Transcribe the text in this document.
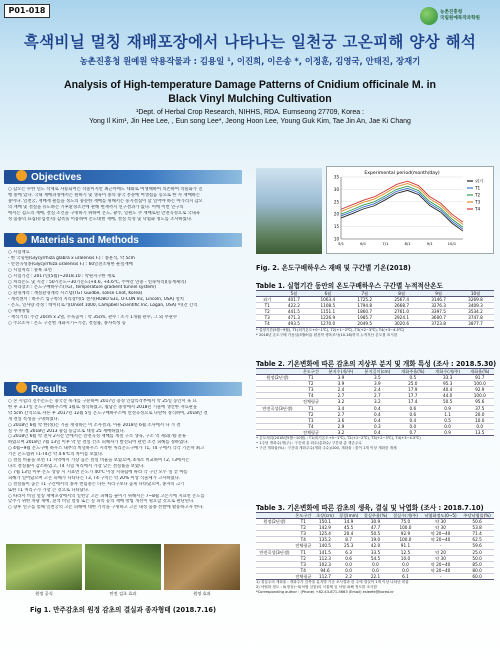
P01-018	농촌진흥청
국립원예특작과학원
흑색비닐 멀칭 재배포장에서 나타나는 일천궁 고온피해 양상 해석
농촌진흥청 원예원 약용작물과 : 김용일 ¹, 이진희, 이은송 *, 이정훈, 김영국, 안태진, 장재기
Analysis of High-temperature Damage Patterns of Cnidium officinale M. in
Black Vinyl Mulching Cultivation
¹Dept. of Herbal Crop Research, NIHHS, RDA. Eumseong 27709, Korea :
Yong Il Kim¹, Jin Hee Lee, , Eun song Lee*, Jeong Hoon Lee, Young Guk Kim, Tae Jin An, Jae Ki Chang
Objectives
○ 갑오는 수한 년도 작제로 사용되어는 작물이지만 최근까에도 대와로 여생해하여 의존하여 작물화가 진
행 중에 있다. 국내 재배과정에서는 원하기 및 생육이 중의 중국 흥분에 여생점음 동으로 한 사 재배하는
중이다. 일천궁, 재배재 필름을 정도의 중분한 재배를 위해서는 풍지결집이 할 일어야 하는 아가리지 갑오
의 재배 및 결실을 유도하는 기후환경조건에 관해 현재까지 연구결과가 없다. 이에 이번 연구의
에서는 검도의 재배, 결실 조건을 구명하기 위하여 온도, 광주, 일편도 추 재배로된 만전곡성으로 국내육
성 품종의 표집(유입결지) 감측홀 이용하여 온도대별 재배, 결실 특성 및 낙엽화 정도를 조사하였다.
Materials and Methods
○ 시험재료
- 한 국형원(Glycyrrhiza glabra x uralensis F.) : 종훈석, 약 5cm
- 만전곡성종(Glycyrrhiza uralensis F.) : 60일전조위한 운실재배
○ 시험처리 : 중륙 표면
○ 시험기간 : 2017년(5월)~2018.10 : 약원지구한 재로
○ 처리온도 및 시간 : 50기온도~30기온도(+4.6, +4.6℃, 주야간 연중 - 연속처리)(동계체의)
○ 처리장소 : 온도구배하우스(TGT, temperature gradient tunnel system)
○ 환경계측 : 계절환경계측 시스템(TGT Guidbe, solise Cnot, Korea)
- 계측센서 : 하우스 입구쪽의 지리장비(5 센서(HOBO S31, U-CON Inc, Lincoln, USA) 설치
- 온도, 일사량 측정 : 데이터로거(Onset 1000, Campbell Scientific Inc, Logan, USA) 이(간 간격
○ 재배방법
- 재식거리: 주간 20cm x 2열, 두둑높이 : 약 35cm, 관수 : 조기 1개월 관수, 그 외 무관수
○ 주요조사 : 온도 구간별 개화시기~기간, 결실률, 종자특성 등
Results
○ 본 시험의 진주온도는 중국산 흑개를 구분하여 2017년 용성 인삼특작부에서 약 25일 동안서 육 묘
한 후 3.17일 온도구배하우스에 1월로 정식하였고, 월남은 중앙에서 2018년 기울에 생산한 자료관을
약 5cm 간격으로 자른 후 2017년 12월 5일 온도구배하우스에 만전곡성으로 나란히 정식하여, 2018년 결
개 결실 특성을 구명하였다.
○ 2018년 6월 약 한(정)는 기울 재경하는 이 조사결과, 이운 2018년 6월 조사에서 다 가 결
실 수 수 결 2018년 2013 중심 등급으로 대성 25 재배하였다.
○ 2018년 6월 약 전사 2시간 안에서는 만전곡성 재배를 계절 구조 생육, 구조 역 제외(개) 분류
하였으며 2018년 7월 13일 이후 약 만 결실 건조 피해자가 발견되어 관련 조건 피해를 정하였다.
○ 4월~9월 온도구배 하우스 내부의 비닐하우스 시작한 처리온도구배가 T1, T4 구에서 각각 기온차 최고
기온 온도범위 T1-T4간 약 4.6℃의 차이를 보였다.
○ 결실 비율을 보면 T1 지역에서 가장 높은 결실 비율을 보였으며, 4개소 비교하여 T2, T3에서는
다소 결실률이 감소하였고, T4 시험 처리에서 가장 낮은 결실률을 보였다.
○ 7월 13일 이후 온도 상승 시 지표면 온도가 40℃ 이상 지속됨에 따라 각 구간 모두 잎 끝 마름
피해가 일어났으며 고온 피해가 나타나는 T3, T4 구역은 약 20% 이상 식물체가 고사하였다.
○ 결실률이 높은 T1 구간에서의 종자 천립중은 다른 처리구보다 높게 나타났으며, 종자의 크기
또한 T1 처리구가 가장 큰 것으로 나타났다.
○ 따라서 비닐 멀칭 재배포장에서의 일천궁 고온 피해를 줄이기 위해서는 7~8월 고온기에 지표면 온도를
낮추기 위한 차광 재배, 흰색 비닐 멀칭 또는 짚 피복 등의 재배 방법 개선이 필요할 것으로 판단된다.
○ 향후 연구를 통해 일천궁의 고온 피해에 대한 기작을 구명하고 고온 내성 품종 선발에 활용하고자 한다.
원정 공식	만전 검초 효과	원정 효과
Fig 1. 만주감초의 원정 감초의 결실과 종자형태 (2018.7.16)
Experimental period(month/day)
10
15
20
25
30
35
5/1	6/1	7/1	8/1	9/1	10/1
외기
T1
T2
T3
T4
Fig. 2. 온도구배하우스 재배 및 구간별 기온(2018)
Table 1. 실험기간 동안의 온도구배하우스 구간별 누적적산온도
	5월	6월	7월	8월	9월	10월
외기	401.7	1063.4	1725.2	2567.4	3146.7	3269.8
T1	422.2	1108.5	1794.8	2668.7	3276.3	3409.3
T2	441.5	1151.1	1860.7	2761.0	3397.5	3534.2
T3	471.3	1226.9	1985.7	2924.1	3600.7	3747.8
T4	493.5	1270.0	2049.5	3020.6	3723.8	3877.7
* 설정기간(5월~9월), T1(외기온도+0~1℃), T2(+1~2℃), T3(+2~3℃), T4(+3~4.5℃)
* 2018년 온도구배 가동일(5월9일) 원천작 생육조사(10.18)까지 누적적산 온도를 표시함
Table 2. 기온변화에 따른 감초의 지상부 분지 및 개화 특성 (조사 : 2018.5.30)
	온도구간	분지수(개/주)	분지길이(cm)	개화주율(%)	개화수(개/주)	개화율(%)
원정(2년생)	T1	3.9	3.5	0.5	33.3	91.7
	T2	3.9	3.9	25.0	95.3	100.0
	T3	2.4	2.4	17.9	40.4	92.9
	T4	2.7	2.7	17.7	44.0	100.0
	전체평균	3.2	3.2	17.4	50.5	95.6
만전곡성(3년생)	T1	3.4	0.4	0.6	0.9	37.5
	T2	2.7	0.4	0.6	1.1	20.0
	T3	3.6	0.4	0.4	0.5	10.0
	T4	2.9	0.3	0.0	0.0	0.0
	전체평균	3.2	0.4	0.7	0.9	13.5
• 온도처리(2018년5월~10월) : T1(외기온도+0~1℃), T2(+1~2℃), T3(+2~3℃), T4(+3~4.5℃)
• 1주당 개화수(개/주) : 구간내 총 화수(총화수/ 구간내 총 생존주수
• 구간 개화율(%) : 구간내 개화주수(개화 주수)/100, 개화율 : 꽃이 1개 이상 개화한 개체
Table 3. 기온변화에 따른 감초의 생육, 결실 및 낙엽화 (조사 : 2018.7.10)
	온도구간	초장(cm)	경경(mm)	결실주율(%)	결실수(개/주)	낙엽화정도(0~5)	주당낙엽률(%)
원정(2년생)	T1	150.1	14.9	30.9	75.0	약 30	50.6
	T2	142.9	45.5	47.7	100.0	약 30	53.8
	T3	125.4	20.4	50.5	92.9	약 20~40	71.4
	T4	135.2	8.7	19.0	100.0	약 20~40	62.5
	전체평균	140.5	25.3	42.0	91.1	-	59.6
만전곡성(3년생)	T1	141.5	6.3	33.5	12.5	약 20	25.0
	T2	112.3	0.6	54.5	10.0	약 30	50.0
	T3	102.3	0.0	0.0	0.0	약 20~40	85.0
	T4	94.6	0.0	0.0	0.0	약 20~40	80.0
	전체평균	112.7	2.2	22.1	6.1	-	60.0
1) 결실주의 개화율 : 개화주가 감측홀 분지별 기준 조사결과 한 주에 결실이 1개 이상 나타난 비율
2) 낙엽화 정도 : 0(정상)~5(낙엽 심함)의 식물체 잎 낙엽 피해 정도를 조사함
*Corresponding author : (Phone) +82-43-871-5663 (Email) esleefe@korea.kr
